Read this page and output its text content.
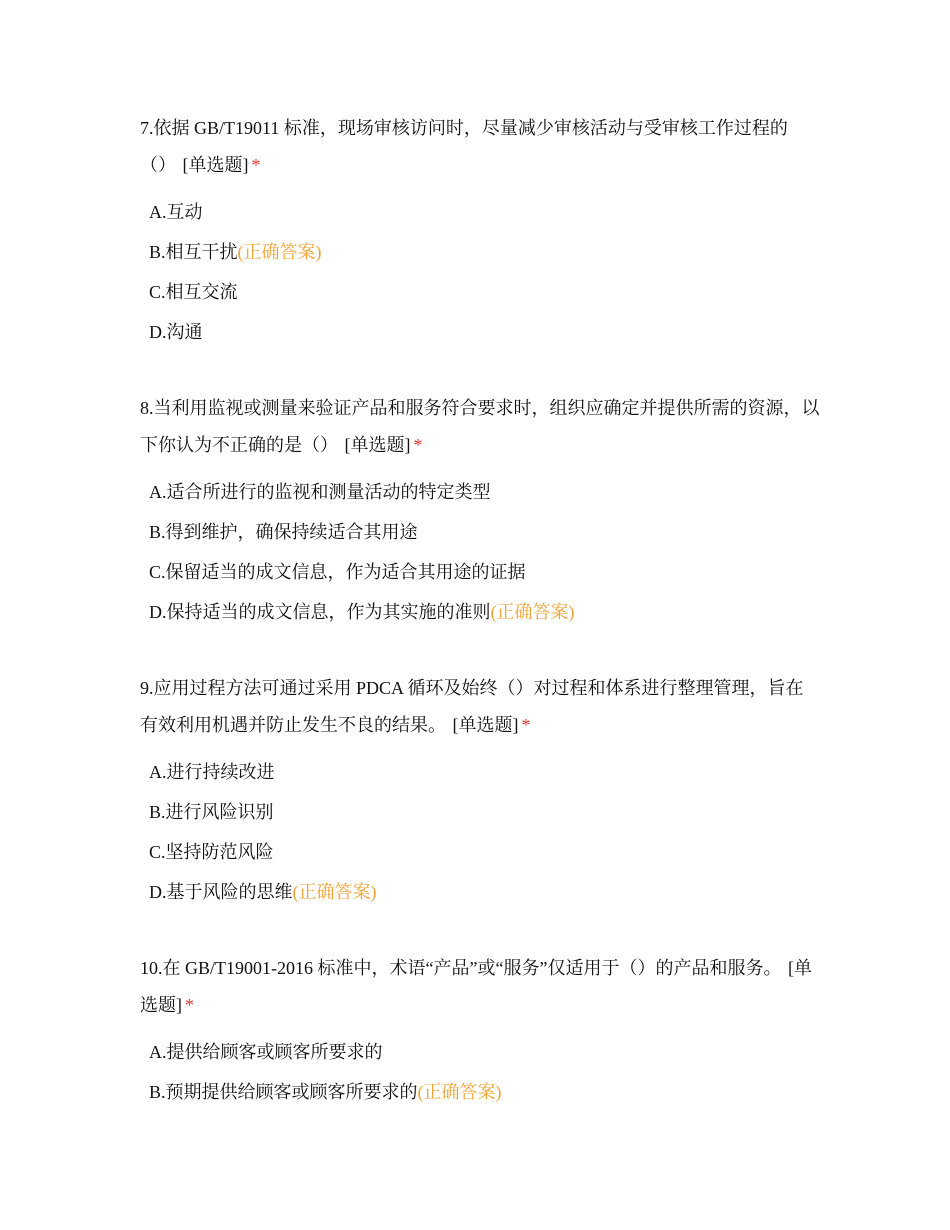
7.依据 GB/T19011 标准，现场审核访问时，尽量减少审核活动与受审核工作过程的（） [单选题] *

A.互动
B.相互干扰(正确答案)
C.相互交流
D.沟通

8.当利用监视或测量来验证产品和服务符合要求时，组织应确定并提供所需的资源，以下你认为不正确的是（） [单选题] *

A.适合所进行的监视和测量活动的特定类型
B.得到维护，确保持续适合其用途
C.保留适当的成文信息，作为适合其用途的证据
D.保持适当的成文信息，作为其实施的准则(正确答案)

9.应用过程方法可通过采用 PDCA 循环及始终（）对过程和体系进行整理管理，旨在有效利用机遇并防止发生不良的结果。 [单选题] *

A.进行持续改进
B.进行风险识别
C.坚持防范风险
D.基于风险的思维(正确答案)

10.在 GB/T19001-2016 标准中，术语“产品”或“服务”仅适用于（）的产品和服务。 [单选题] *

A.提供给顾客或顾客所要求的
B.预期提供给顾客或顾客所要求的(正确答案)
